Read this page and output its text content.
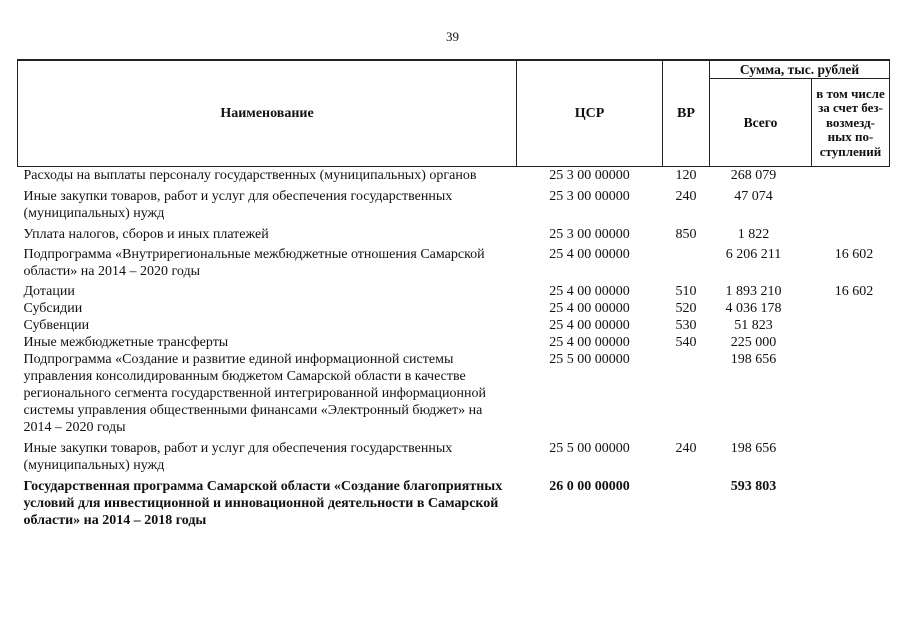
39
Наименование	ЦСР	ВР	Сумма, тыс. рублей	
			Всего	в том числе за счет без-возмезд-ных по-ступлений
Расходы на выплаты персоналу государственных (муниципальных) органов	25 3 00 00000	120	268 079	
Иные закупки товаров, работ и услуг для обеспечения государственных (муниципальных) нужд	25 3 00 00000	240	47 074	
Уплата налогов, сборов и иных платежей	25 3 00 00000	850	1 822	
Подпрограмма «Внутрирегиональные межбюджетные отношения Самарской области» на 2014 – 2020 годы	25 4 00 00000		6 206 211	16 602
Дотации	25 4 00 00000	510	1 893 210	16 602
Субсидии	25 4 00 00000	520	4 036 178	
Субвенции	25 4 00 00000	530	51 823	
Иные межбюджетные трансферты	25 4 00 00000	540	225 000	
Подпрограмма «Создание и развитие единой информационной системы управления консолидированным бюджетом Самарской области в качестве регионального сегмента государственной интегрированной информационной системы управления общественными финансами «Электронный бюджет» на 2014 – 2020 годы	25 5 00 00000		198 656	
Иные закупки товаров, работ и услуг для обеспечения государственных (муниципальных) нужд	25 5 00 00000	240	198 656	
Государственная программа Самарской области «Создание благоприятных условий для инвестиционной и инновационной деятельности в Самарской области» на 2014 – 2018 годы	26 0 00 00000		593 803	
